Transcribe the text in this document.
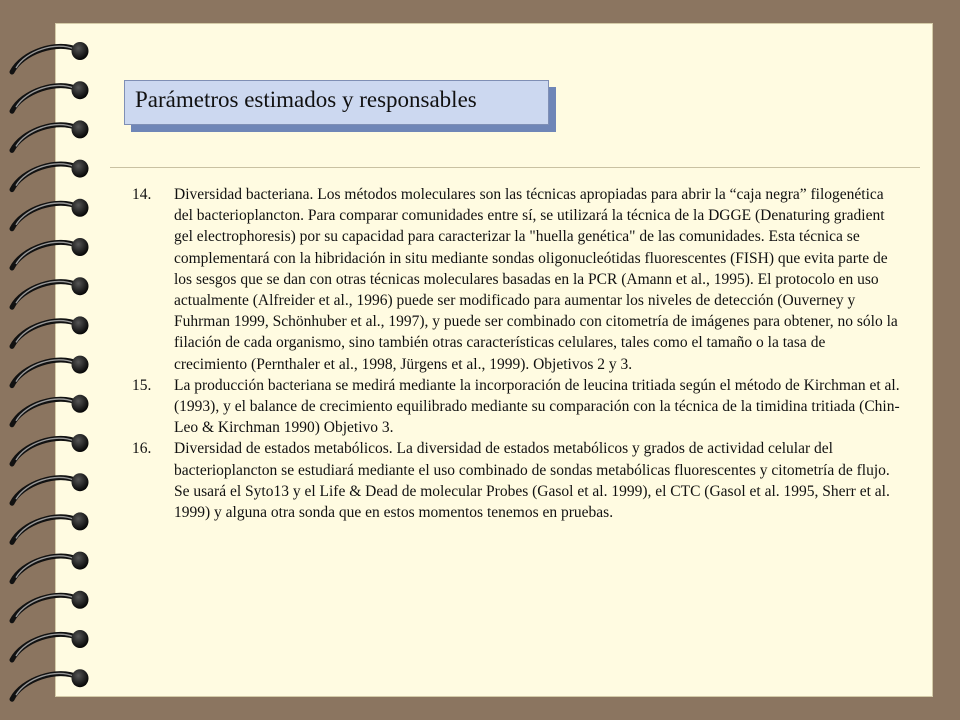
Parámetros estimados y responsables
14.	Diversidad bacteriana. Los métodos moleculares son las técnicas apropiadas para abrir la “caja negra” filogenética del bacterioplancton. Para comparar comunidades entre sí, se utilizará la técnica de la DGGE (Denaturing gradient gel electrophoresis) por su capacidad para caracterizar la "huella genética" de las comunidades. Esta técnica se complementará con la hibridación in situ mediante sondas oligonucleótidas fluorescentes (FISH) que evita parte de los sesgos que se dan con otras técnicas moleculares basadas en la PCR (Amann et al., 1995). El protocolo en uso actualmente (Alfreider et al., 1996) puede ser modificado para aumentar los niveles de detección (Ouverney y Fuhrman 1999, Schönhuber et al., 1997), y puede ser combinado con citometría de imágenes para obtener, no sólo la filación de cada organismo, sino también otras características celulares, tales como el tamaño o la tasa de crecimiento (Pernthaler et al., 1998, Jürgens et al., 1999). Objetivos 2 y 3.
15.	La producción bacteriana se medirá mediante la incorporación de leucina tritiada según el método de Kirchman et al. (1993), y el balance de crecimiento equilibrado mediante su comparación con la técnica de la timidina tritiada (Chin-Leo & Kirchman 1990) Objetivo 3.
16.	Diversidad de estados metabólicos. La diversidad de estados metabólicos y grados de actividad celular del bacterioplancton se estudiará mediante el uso combinado de sondas metabólicas fluorescentes y citometría de flujo. Se usará el Syto13 y el Life & Dead de molecular Probes (Gasol et al. 1999), el CTC (Gasol et al. 1995, Sherr et al. 1999) y alguna otra sonda que en estos momentos tenemos en pruebas.
